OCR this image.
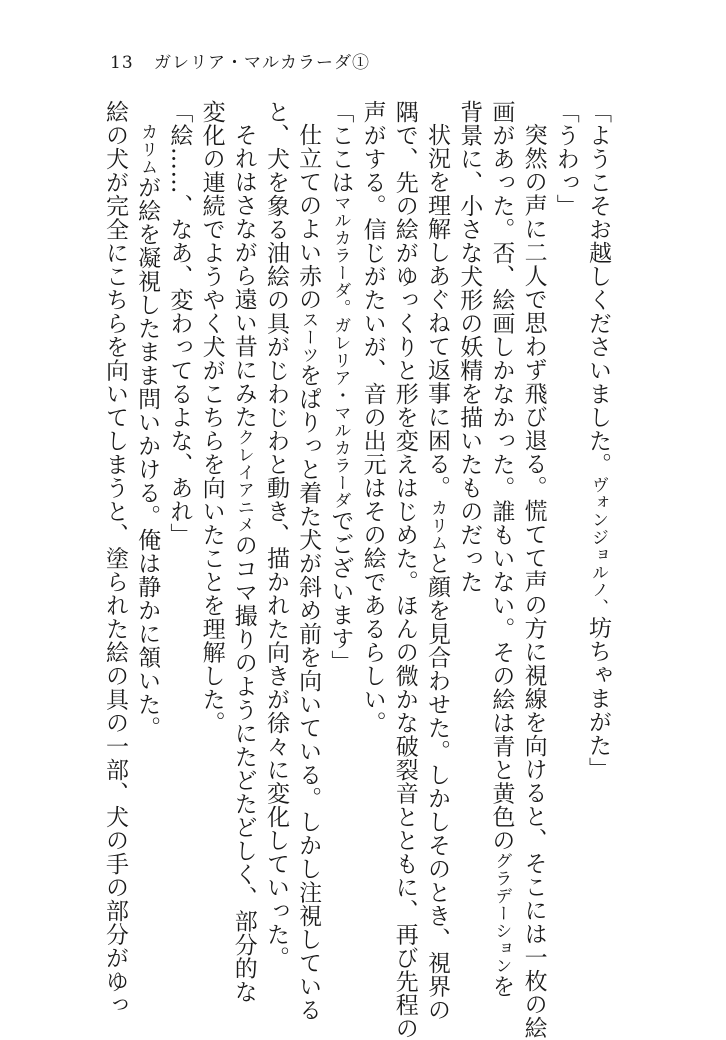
13 ガレリア・マルカラーダ①

「ようこそお越しくださいました。ヴォンジョルノ、坊ちゃまがた」

「うわっ」

突然の声に二人で思わず飛び退る。慌てて声の方に視線を向けると、そこには一枚の絵

画があった。否、絵画しかなかった。誰もいない。その絵は青と黄色のグラデーションを

背景に、小さな犬形の妖精を描いたものだった

状況を理解しあぐねて返事に困る。カリムと顔を見合わせた。しかしそのとき、視界の

隅で、先の絵がゆっくりと形を変えはじめた。ほんの微かな破裂音とともに、再び先程の

声がする。信じがたいが、音の出元はその絵であるらしい。

「ここはマルカラーダ。ガレリア・マルカラーダでございます」

仕立てのよい赤のスーツをぱりっと着た犬が斜め前を向いている。しかし注視している

と、犬を象る油絵の具がじわじわと動き、描かれた向きが徐々に変化していった。

それはさながら遠い昔にみたクレイアニメのコマ撮りのようにたどたどしく、部分的な

変化の連続でようやく犬がこちらを向いたことを理解した。

「絵……、なあ、変わってるよな、あれ」

カリムが絵を凝視したまま問いかける。俺は静かに頷いた。

絵の犬が完全にこちらを向いてしまうと、塗られた絵の具の一部、犬の手の部分がゆっ
